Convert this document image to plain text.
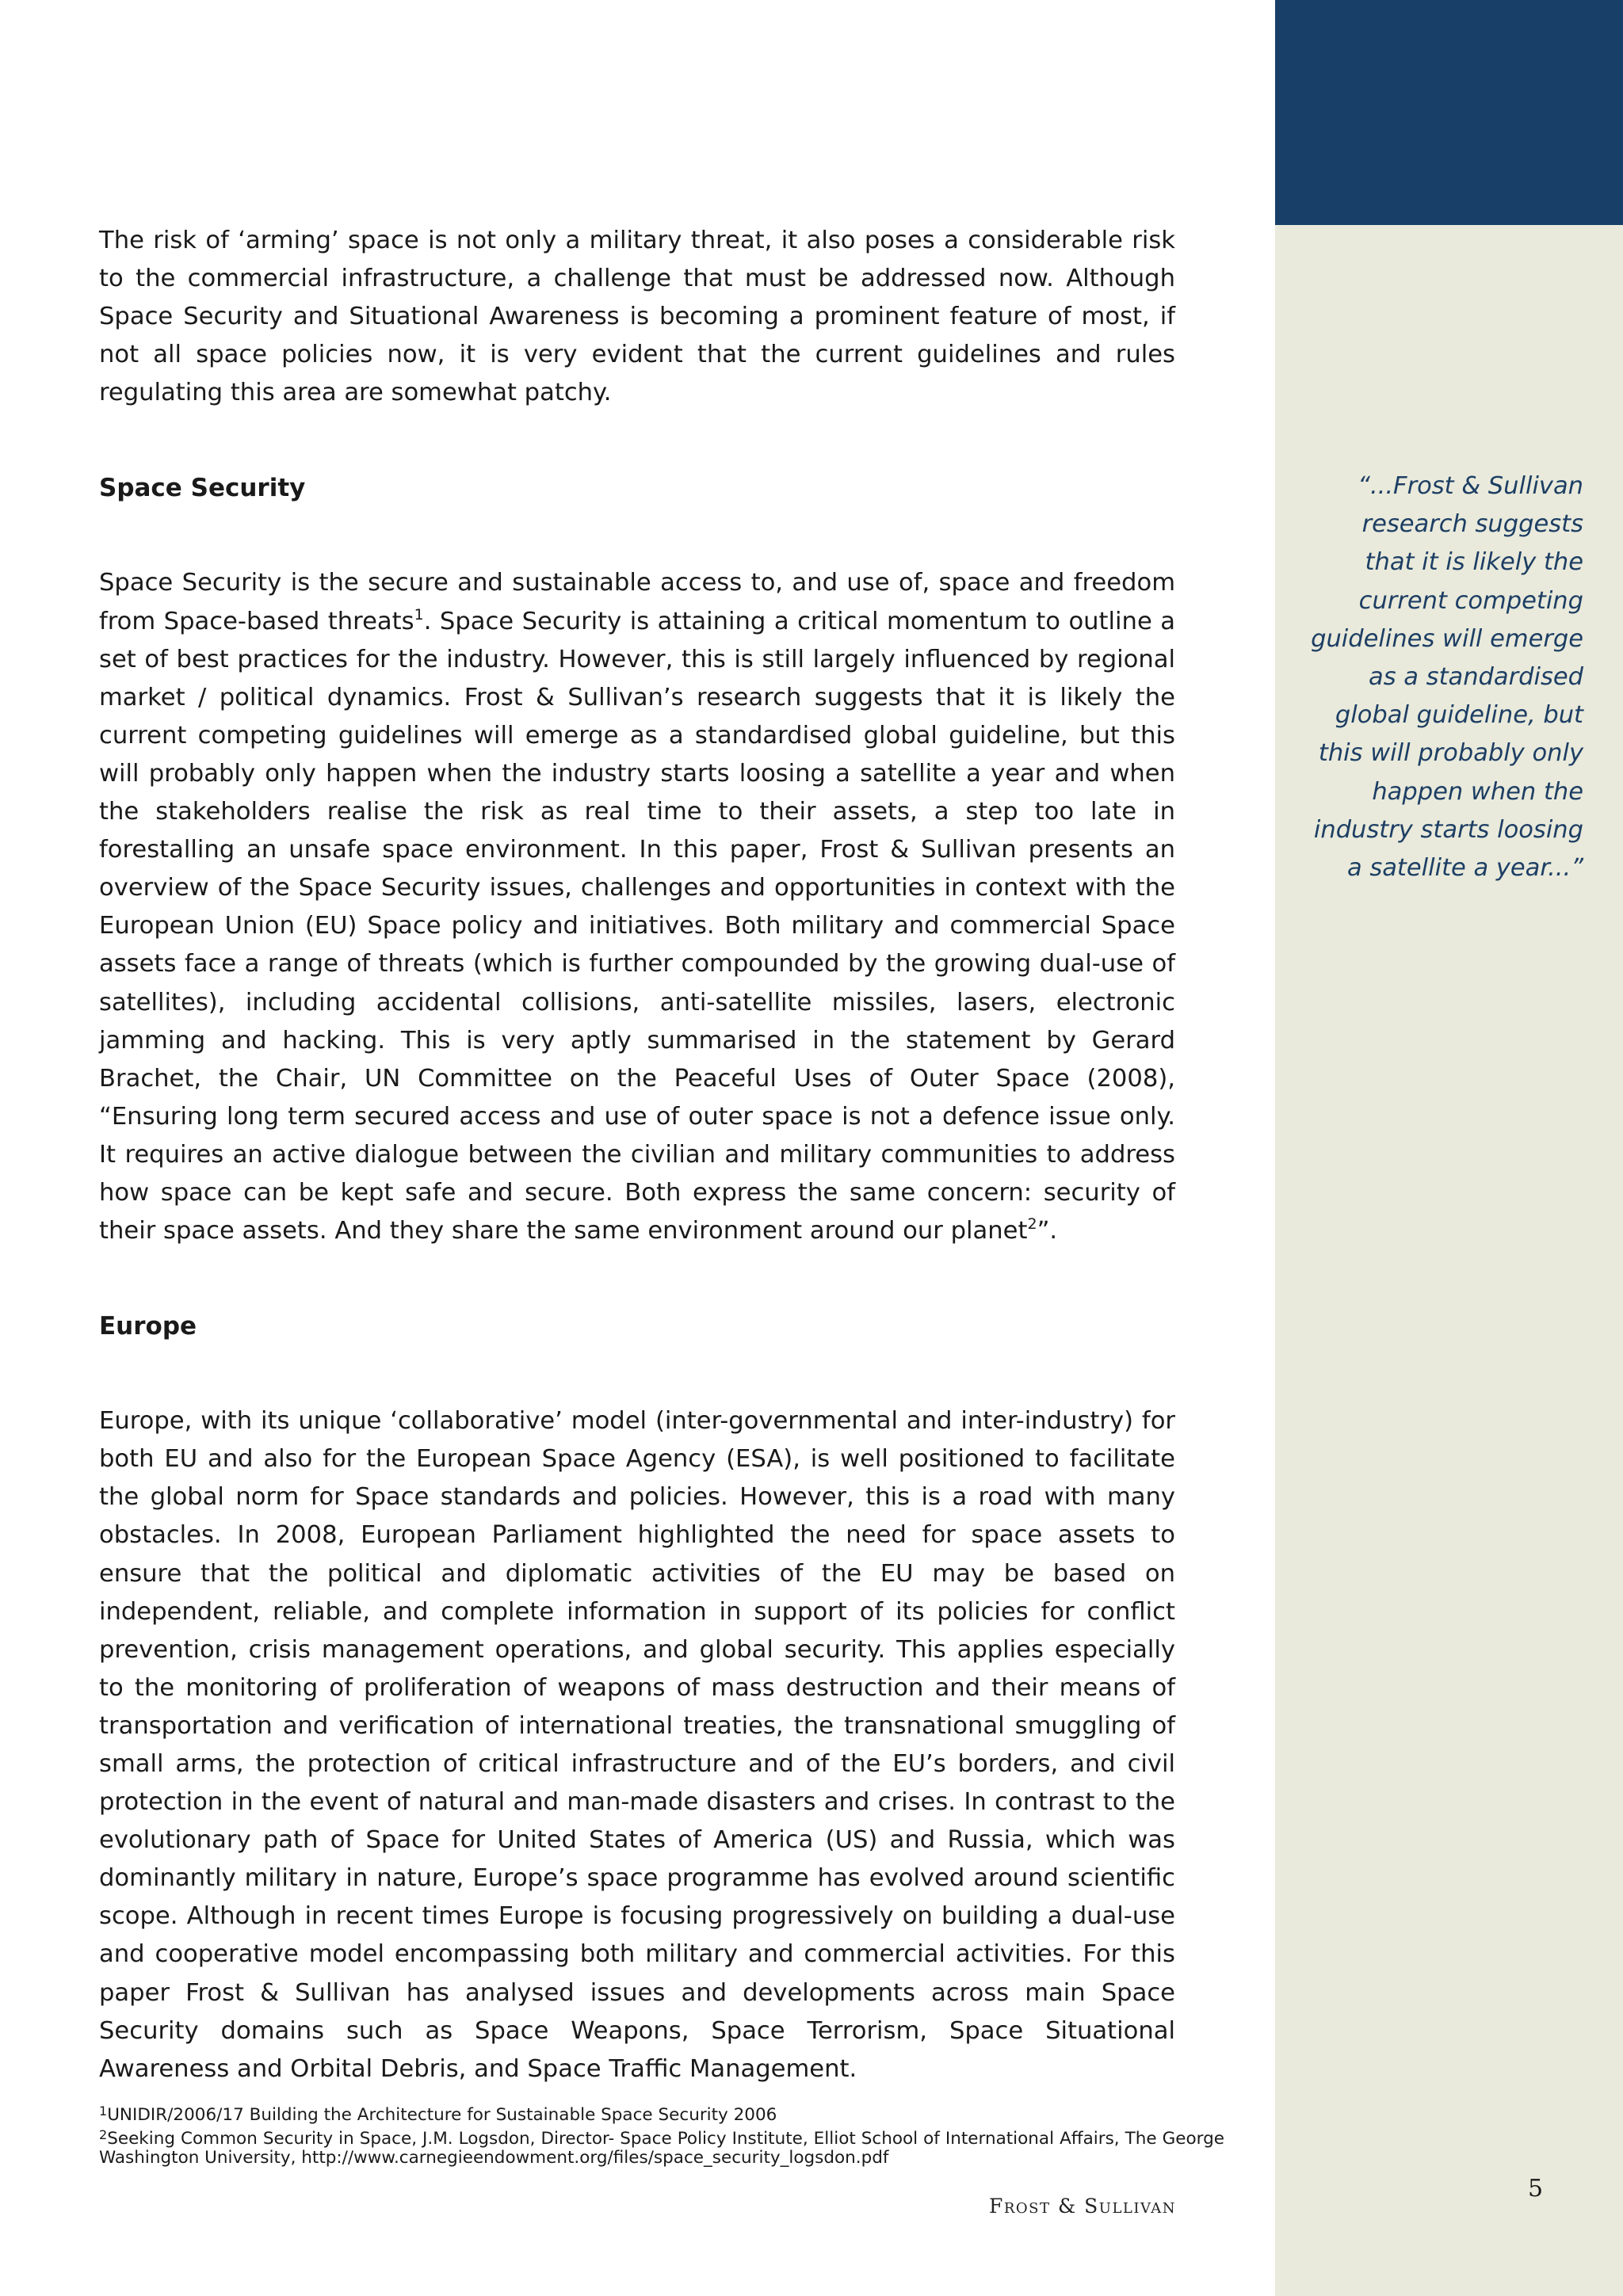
The risk of ‘arming’ space is not only a military threat, it also poses a considerable risk to the commercial infrastructure, a challenge that must be addressed now. Although Space Security and Situational Awareness is becoming a prominent feature of most, if not all space policies now, it is very evident that the current guidelines and rules regulating this area are somewhat patchy.

Space Security

Space Security is the secure and sustainable access to, and use of, space and freedom from Space-based threats$^1$. Space Security is attaining a critical momentum to outline a set of best practices for the industry. However, this is still largely influenced by regional market / political dynamics. Frost & Sullivan’s research suggests that it is likely the current competing guidelines will emerge as a standardised global guideline, but this will probably only happen when the industry starts loosing a satellite a year and when the stakeholders realise the risk as real time to their assets, a step too late in forestalling an unsafe space environment. In this paper, Frost & Sullivan presents an overview of the Space Security issues, challenges and opportunities in context with the European Union (EU) Space policy and initiatives. Both military and commercial Space assets face a range of threats (which is further compounded by the growing dual-use of satellites), including accidental collisions, anti-satellite missiles, lasers, electronic jamming and hacking. This is very aptly summarised in the statement by Gerard Brachet, the Chair, UN Committee on the Peaceful Uses of Outer Space (2008), “Ensuring long term secured access and use of outer space is not a defence issue only. It requires an active dialogue between the civilian and military communities to address how space can be kept safe and secure. Both express the same concern: security of their space assets. And they share the same environment around our planet$^2$”.

Europe

Europe, with its unique ‘collaborative’ model (inter-governmental and inter-industry) for both EU and also for the European Space Agency (ESA), is well positioned to facilitate the global norm for Space standards and policies. However, this is a road with many obstacles. In 2008, European Parliament highlighted the need for space assets to ensure that the political and diplomatic activities of the EU may be based on independent, reliable, and complete information in support of its policies for conflict prevention, crisis management operations, and global security. This applies especially to the monitoring of proliferation of weapons of mass destruction and their means of transportation and verification of international treaties, the transnational smuggling of small arms, the protection of critical infrastructure and of the EU’s borders, and civil protection in the event of natural and man-made disasters and crises. In contrast to the evolutionary path of Space for United States of America (US) and Russia, which was dominantly military in nature, Europe’s space programme has evolved around scientific scope. Although in recent times Europe is focusing progressively on building a dual-use and cooperative model encompassing both military and commercial activities. For this paper Frost & Sullivan has analysed issues and developments across main Space Security domains such as Space Weapons, Space Terrorism, Space Situational Awareness and Orbital Debris, and Space Traffic Management.

$^1$UNIDIR/2006/17 Building the Architecture for Sustainable Space Security 2006

$^2$Seeking Common Security in Space, J.M. Logsdon, Director- Space Policy Institute, Elliot School of International Affairs, The George Washington University, http://www.carnegieendowment.org/files/space_security_logsdon.pdf

Frost & Sullivan

“...Frost & Sullivan research suggests that it is likely the current competing guidelines will emerge as a standardised global guideline, but this will probably only happen when the industry starts loosing a satellite a year...”

5
